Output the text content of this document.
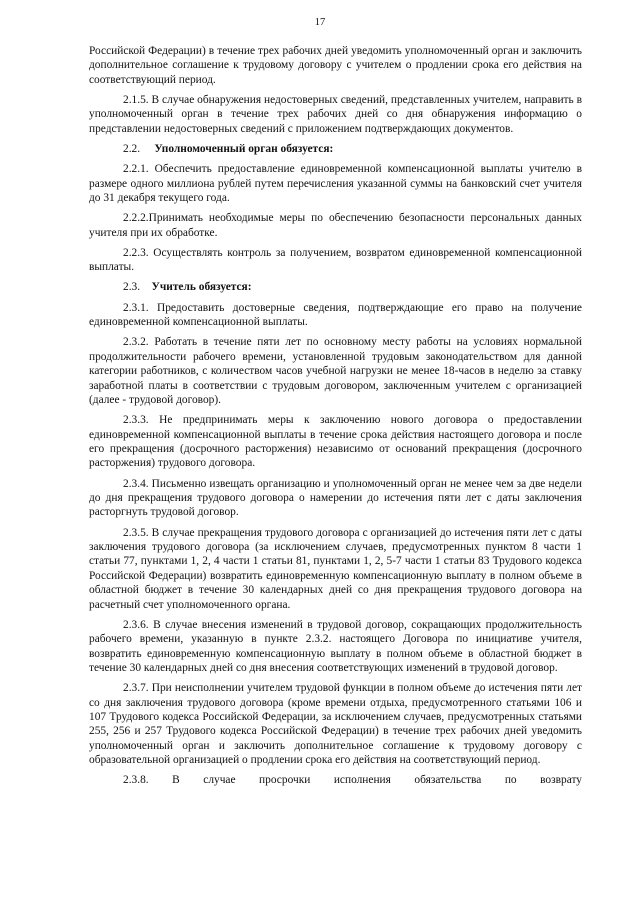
17

Российской Федерации) в течение трех рабочих дней уведомить уполномоченный орган и заключить дополнительное соглашение к трудовому договору с учителем о продлении срока его действия на соответствующий период.

2.1.5. В случае обнаружения недостоверных сведений, представленных учителем, направить в уполномоченный орган в течение трех рабочих дней со дня обнаружения информацию о представлении недостоверных сведений с приложением подтверждающих документов.

2.2. Уполномоченный орган обязуется:

2.2.1. Обеспечить предоставление единовременной компенсационной выплаты учителю в размере одного миллиона рублей путем перечисления указанной суммы на банковский счет учителя до 31 декабря текущего года.

2.2.2.Принимать необходимые меры по обеспечению безопасности персональных данных учителя при их обработке.

2.2.3. Осуществлять контроль за получением, возвратом единовременной компенсационной выплаты.

2.3. Учитель обязуется:

2.3.1. Предоставить достоверные сведения, подтверждающие его право на получение единовременной компенсационной выплаты.

2.3.2. Работать в течение пяти лет по основному месту работы на условиях нормальной продолжительности рабочего времени, установленной трудовым законодательством для данной категории работников, с количеством часов учебной нагрузки не менее 18-часов в неделю за ставку заработной платы в соответствии с трудовым договором, заключенным учителем с организацией (далее - трудовой договор).

2.3.3. Не предпринимать меры к заключению нового договора о предоставлении единовременной компенсационной выплаты в течение срока действия настоящего договора и после его прекращения (досрочного расторжения) независимо от оснований прекращения (досрочного расторжения) трудового договора.

2.3.4. Письменно извещать организацию и уполномоченный орган не менее чем за две недели до дня прекращения трудового договора о намерении до истечения пяти лет с даты заключения расторгнуть трудовой договор.

2.3.5. В случае прекращения трудового договора с организацией до истечения пяти лет с даты заключения трудового договора (за исключением случаев, предусмотренных пунктом 8 части 1 статьи 77, пунктами 1, 2, 4 части 1 статьи 81, пунктами 1, 2, 5-7 части 1 статьи 83 Трудового кодекса Российской Федерации) возвратить единовременную компенсационную выплату в полном объеме в областной бюджет в течение 30 календарных дней со дня прекращения трудового договора на расчетный счет уполномоченного органа.

2.3.6. В случае внесения изменений в трудовой договор, сокращающих продолжительность рабочего времени, указанную в пункте 2.3.2. настоящего Договора по инициативе учителя, возвратить единовременную компенсационную выплату в полном объеме в областной бюджет в течение 30 календарных дней со дня внесения соответствующих изменений в трудовой договор.

2.3.7. При неисполнении учителем трудовой функции в полном объеме до истечения пяти лет со дня заключения трудового договора (кроме времени отдыха, предусмотренного статьями 106 и 107 Трудового кодекса Российской Федерации, за исключением случаев, предусмотренных статьями 255, 256 и 257 Трудового кодекса Российской Федерации) в течение трех рабочих дней уведомить уполномоченный орган и заключить дополнительное соглашение к трудовому договору с образовательной организацией о продлении срока его действия на соответствующий период.

2.3.8. В случае просрочки исполнения обязательства по возврату
